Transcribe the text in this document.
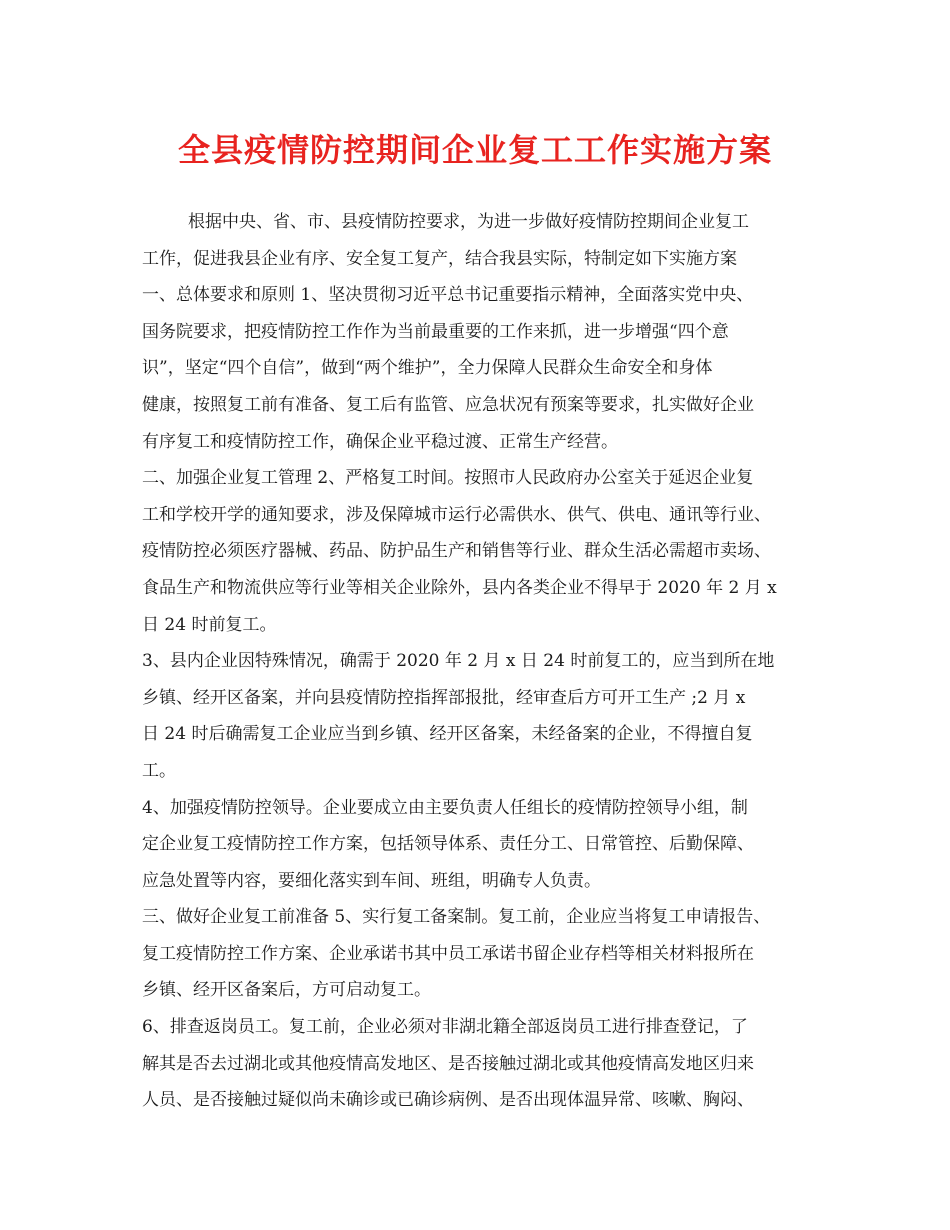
全县疫情防控期间企业复工工作实施方案
根据中央、省、市、县疫情防控要求，为进一步做好疫情防控期间企业复工
工作，促进我县企业有序、安全复工复产，结合我县实际，特制定如下实施方案
一、总体要求和原则 1、坚决贯彻习近平总书记重要指示精神，全面落实党中央、
国务院要求，把疫情防控工作作为当前最重要的工作来抓，进一步增强“四个意
识”，坚定“四个自信”，做到“两个维护”，全力保障人民群众生命安全和身体
健康，按照复工前有准备、复工后有监管、应急状况有预案等要求，扎实做好企业
有序复工和疫情防控工作，确保企业平稳过渡、正常生产经营。
二、加强企业复工管理 2、严格复工时间。按照市人民政府办公室关于延迟企业复
工和学校开学的通知要求，涉及保障城市运行必需供水、供气、供电、通讯等行业、
疫情防控必须医疗器械、药品、防护品生产和销售等行业、群众生活必需超市卖场、
食品生产和物流供应等行业等相关企业除外，县内各类企业不得早于 2020 年 2 月 x
日 24 时前复工。
3、县内企业因特殊情况，确需于 2020 年 2 月 x 日 24 时前复工的，应当到所在地
乡镇、经开区备案，并向县疫情防控指挥部报批，经审查后方可开工生产 ;2 月 x
日 24 时后确需复工企业应当到乡镇、经开区备案，未经备案的企业，不得擅自复
工。
4、加强疫情防控领导。企业要成立由主要负责人任组长的疫情防控领导小组，制
定企业复工疫情防控工作方案，包括领导体系、责任分工、日常管控、后勤保障、
应急处置等内容，要细化落实到车间、班组，明确专人负责。
三、做好企业复工前准备 5、实行复工备案制。复工前，企业应当将复工申请报告、
复工疫情防控工作方案、企业承诺书其中员工承诺书留企业存档等相关材料报所在
乡镇、经开区备案后，方可启动复工。
6、排查返岗员工。复工前，企业必须对非湖北籍全部返岗员工进行排查登记，了
解其是否去过湖北或其他疫情高发地区、是否接触过湖北或其他疫情高发地区归来
人员、是否接触过疑似尚未确诊或已确诊病例、是否出现体温异常、咳嗽、胸闷、
